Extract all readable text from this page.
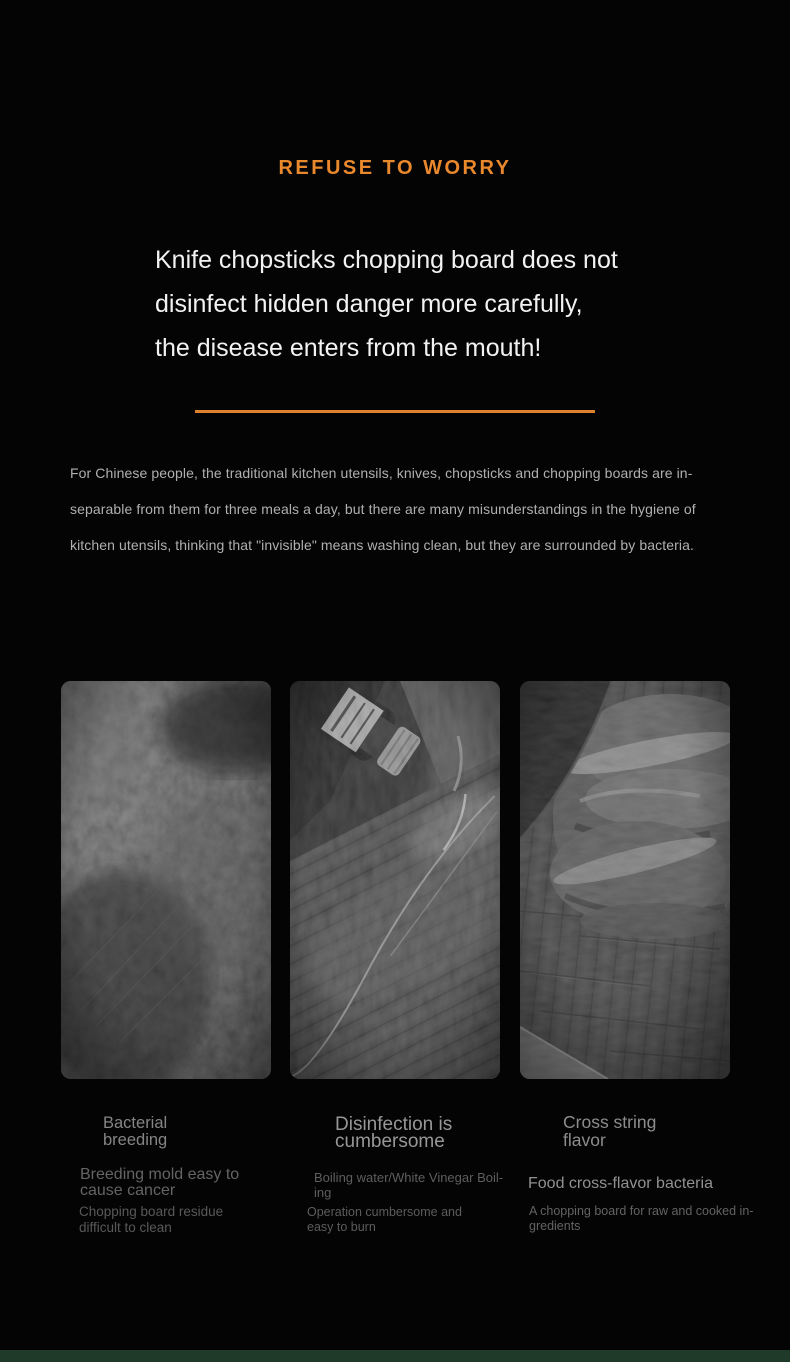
REFUSE TO WORRY
Knife chopsticks chopping board does not
disinfect hidden danger more carefully,
the disease enters from the mouth!
For Chinese people, the traditional kitchen utensils, knives, chopsticks and chopping boards are in-
separable from them for three meals a day, but there are many misunderstandings in the hygiene of
kitchen utensils, thinking that "invisible" means washing clean, but they are surrounded by bacteria.
Bacterial
breeding
Breeding mold easy to
cause cancer
Chopping board residue
difficult to clean
Disinfection is
cumbersome
Boiling water/White Vinegar Boil-
ing
Operation cumbersome and
easy to burn
Cross string
flavor
Food cross-flavor bacteria
A chopping board for raw and cooked in-
gredients
